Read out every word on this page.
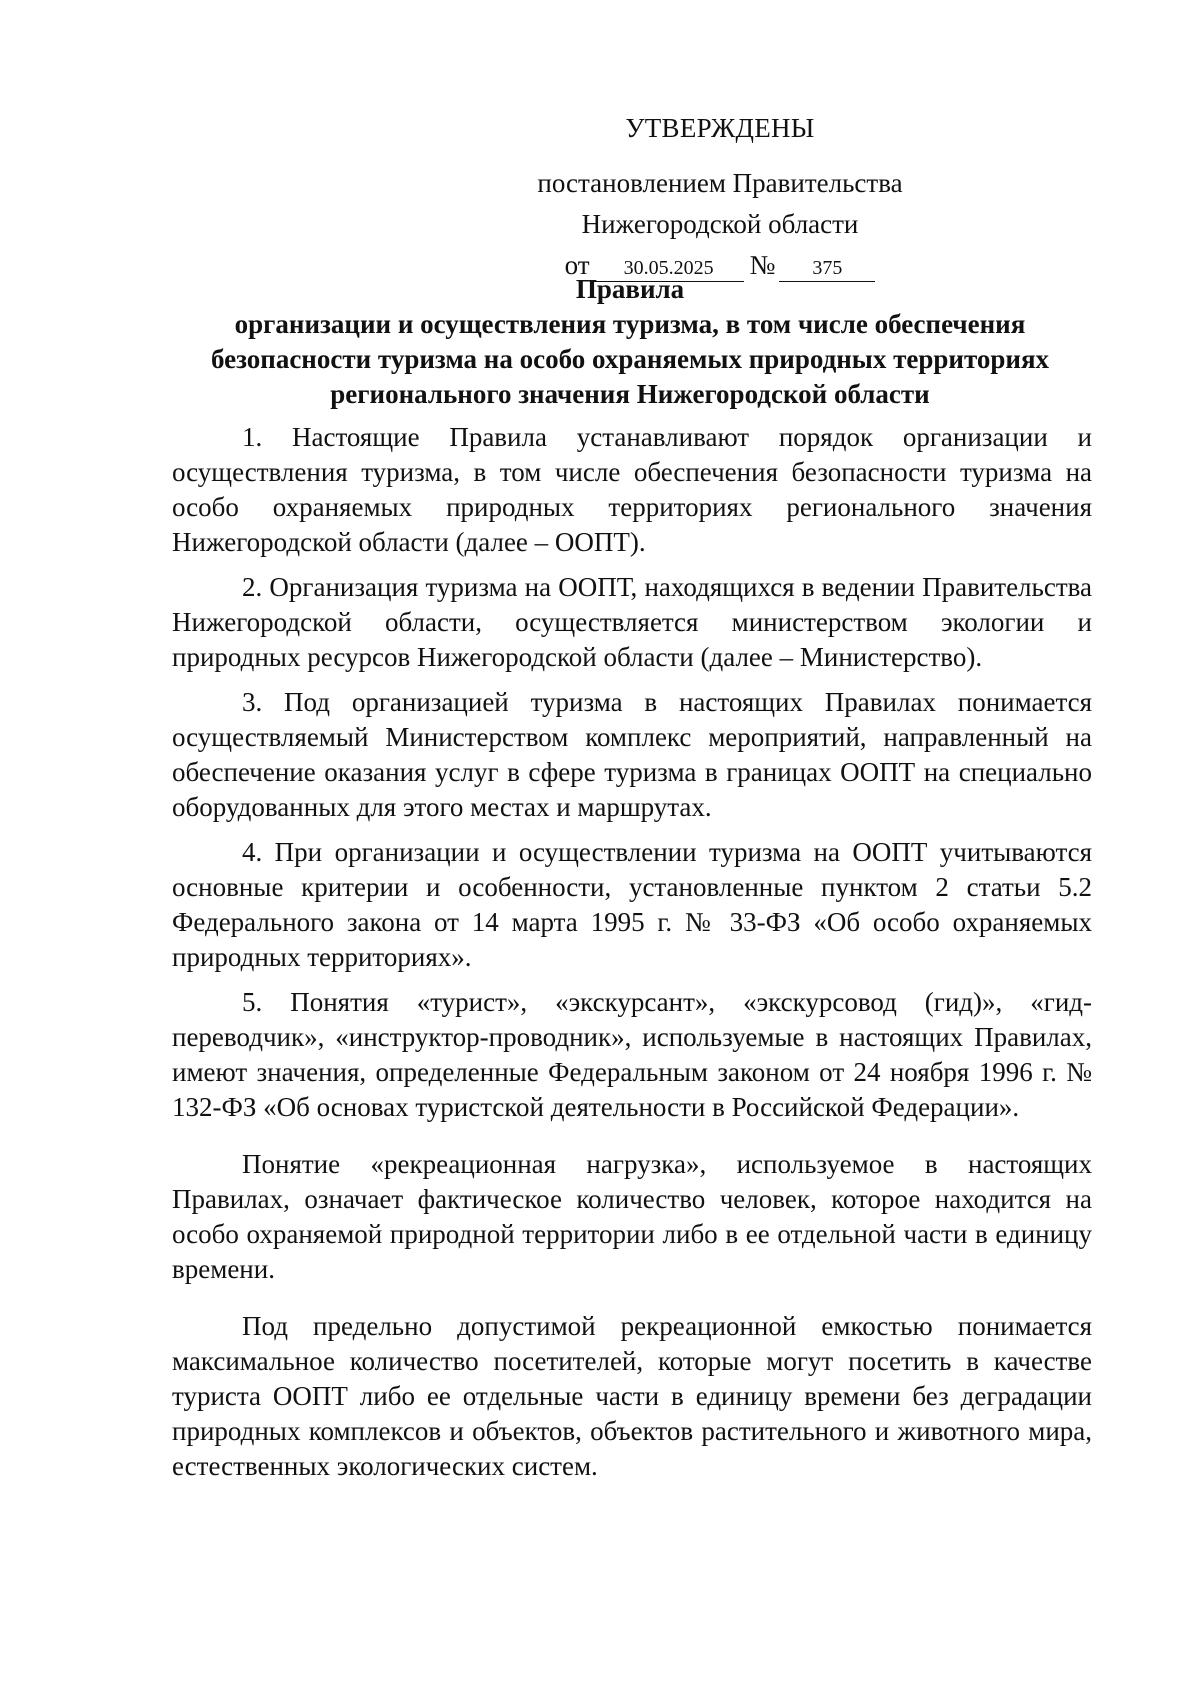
УТВЕРЖДЕНЫ
постановлением Правительства
Нижегородской области
от	30.05.2025	№	375
Правила
организации и осуществления туризма, в том числе обеспечения
безопасности туризма на особо охраняемых природных территориях
регионального значения Нижегородской области

1. Настоящие Правила устанавливают порядок организации и осуществления туризма, в том числе обеспечения безопасности туризма на особо охраняемых природных территориях регионального значения Нижегородской области (далее – ООПТ).

2. Организация туризма на ООПТ, находящихся в ведении Правительства Нижегородской области, осуществляется министерством экологии и природных ресурсов Нижегородской области (далее – Министерство).

3. Под организацией туризма в настоящих Правилах понимается осуществляемый Министерством комплекс мероприятий, направленный на обеспечение оказания услуг в сфере туризма в границах ООПТ на специально оборудованных для этого местах и маршрутах.

4. При организации и осуществлении туризма на ООПТ учитываются основные критерии и особенности, установленные пунктом 2 статьи 5.2 Федерального закона от 14 марта 1995 г. № 33-ФЗ «Об особо охраняемых природных территориях».

5. Понятия «турист», «экскурсант», «экскурсовод (гид)», «гид-переводчик», «инструктор-проводник», используемые в настоящих Правилах, имеют значения, определенные Федеральным законом от 24 ноября 1996 г. № 132-ФЗ «Об основах туристской деятельности в Российской Федерации».

Понятие «рекреационная нагрузка», используемое в настоящих Правилах, означает фактическое количество человек, которое находится на особо охраняемой природной территории либо в ее отдельной части в единицу времени.

Под предельно допустимой рекреационной емкостью понимается максимальное количество посетителей, которые могут посетить в качестве туриста ООПТ либо ее отдельные части в единицу времени без деградации природных комплексов и объектов, объектов растительного и животного мира, естественных экологических систем.
